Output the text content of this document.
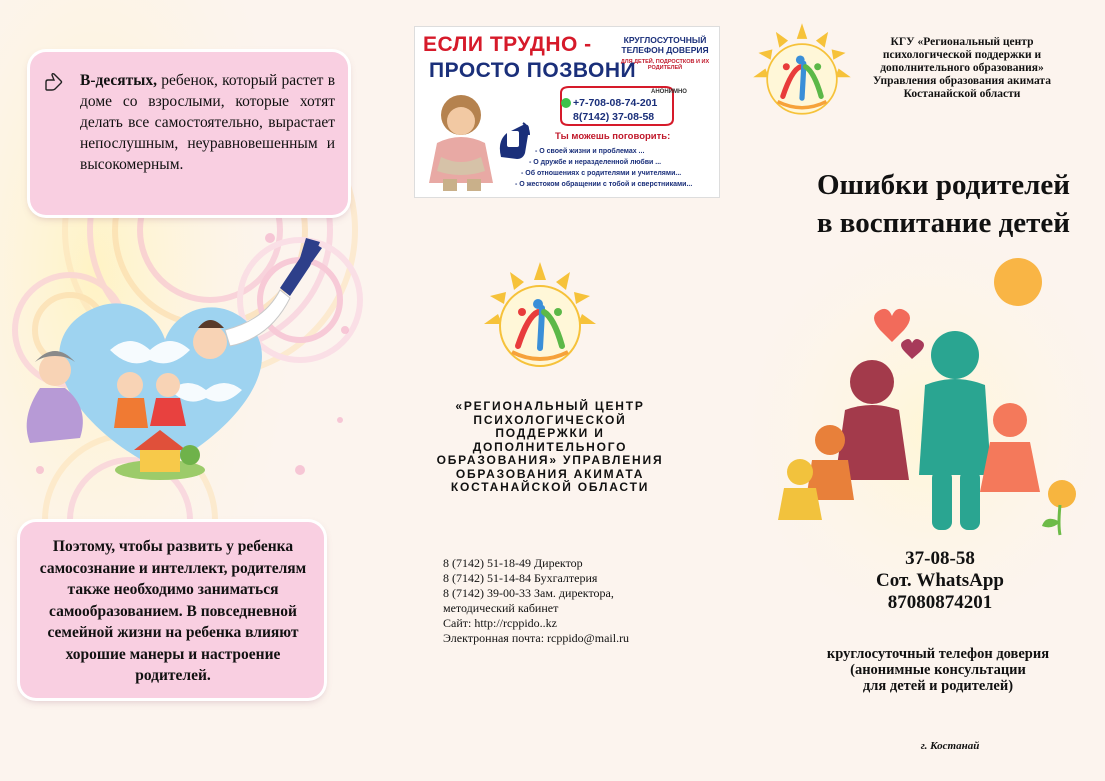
В-десятых, ребенок, который растет в доме со взрослыми, которые хотят делать все самостоятельно, вырастает непослушным, неуравновешенным и высокомерным.
Поэтому, чтобы развить у ребенка самосознание и интеллект, родителям также необходимо заниматься самообразованием. В повседневной семейной жизни на ребенка влияют хорошие манеры и настроение родителей.
ЕСЛИ ТРУДНО -
ПРОСТО ПОЗВОНИ
КРУГЛОСУТОЧНЫЙ ТЕЛЕФОН ДОВЕРИЯ
ДЛЯ ДЕТЕЙ, ПОДРОСТКОВ И ИХ РОДИТЕЛЕЙ
АНОНИМНО
+7-708-08-74-201
8(7142) 37-08-58
Ты можешь поговорить:
- О своей жизни и проблемах ...
- О дружбе и неразделенной любви ...
- Об отношениях с родителями и учителями...
- О жестоком обращении с тобой и сверстниками...
«РЕГИОНАЛЬНЫЙ ЦЕНТР ПСИХОЛОГИЧЕСКОЙ ПОДДЕРЖКИ И ДОПОЛНИТЕЛЬНОГО ОБРАЗОВАНИЯ» УПРАВЛЕНИЯ ОБРАЗОВАНИЯ АКИМАТА КОСТАНАЙСКОЙ ОБЛАСТИ
8 (7142) 51-18-49 Директор
8 (7142) 51-14-84 Бухгалтерия
8 (7142) 39-00-33 Зам. директора,
методический кабинет
Сайт: http://rcppido..kz
Электронная почта: rcppido@mail.ru
КГУ «Региональный центр психологической поддержки и дополнительного образования» Управления образования акимата Костанайской области
Ошибки родителей
в воспитание детей
37-08-58
Сот. WhatsApp
87080874201
круглосуточный телефон доверия
(анонимные консультации
для детей и родителей)
г. Костанай
